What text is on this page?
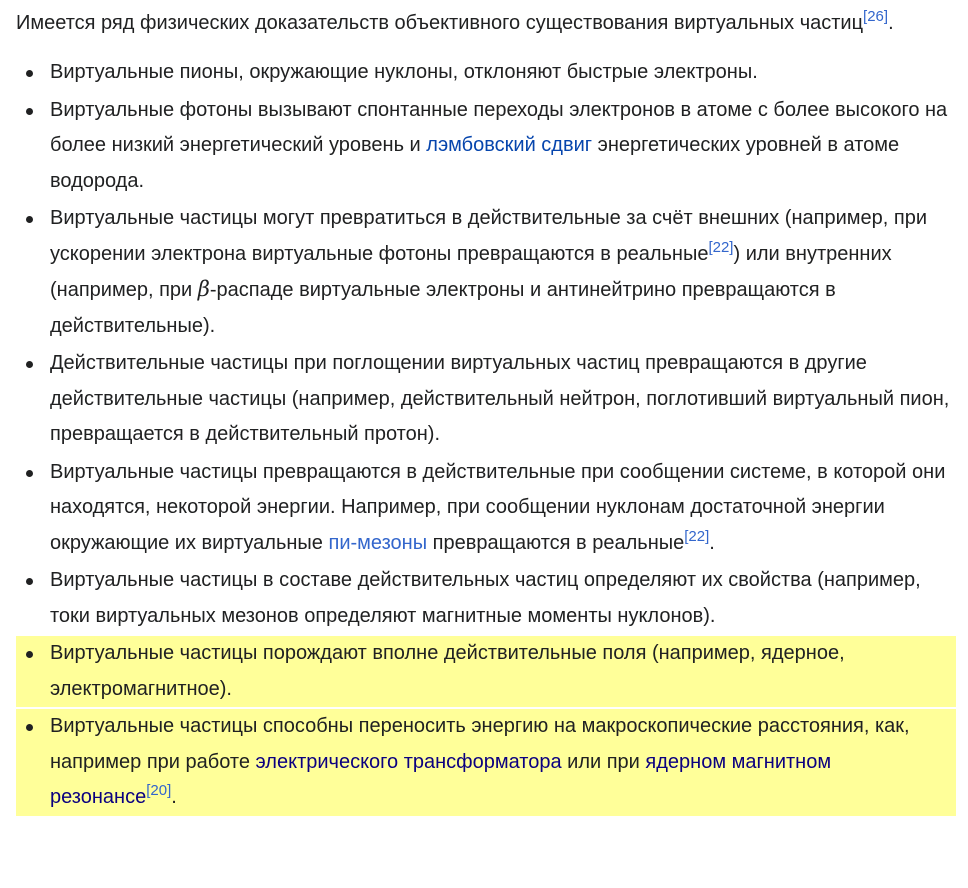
Имеется ряд физических доказательств объективного существования виртуальных частиц[26].

Виртуальные пионы, окружающие нуклоны, отклоняют быстрые электроны.
Виртуальные фотоны вызывают спонтанные переходы электронов в атоме с более высокого на более низкий энергетический уровень и лэмбовский сдвиг энергетических уровней в атоме водорода.
Виртуальные частицы могут превратиться в действительные за счёт внешних (например, при ускорении электрона виртуальные фотоны превращаются в реальные[22]) или внутренних (например, при β-распаде виртуальные электроны и антинейтрино превращаются в действительные).
Действительные частицы при поглощении виртуальных частиц превращаются в другие действительные частицы (например, действительный нейтрон, поглотивший виртуальный пион, превращается в действительный протон).
Виртуальные частицы превращаются в действительные при сообщении системе, в которой они находятся, некоторой энергии. Например, при сообщении нуклонам достаточной энергии окружающие их виртуальные пи-мезоны превращаются в реальные[22].
Виртуальные частицы в составе действительных частиц определяют их свойства (например, токи виртуальных мезонов определяют магнитные моменты нуклонов).
Виртуальные частицы порождают вполне действительные поля (например, ядерное, электромагнитное).
Виртуальные частицы способны переносить энергию на макроскопические расстояния, как, например при работе электрического трансформатора или при ядерном магнитном резонансе[20].
